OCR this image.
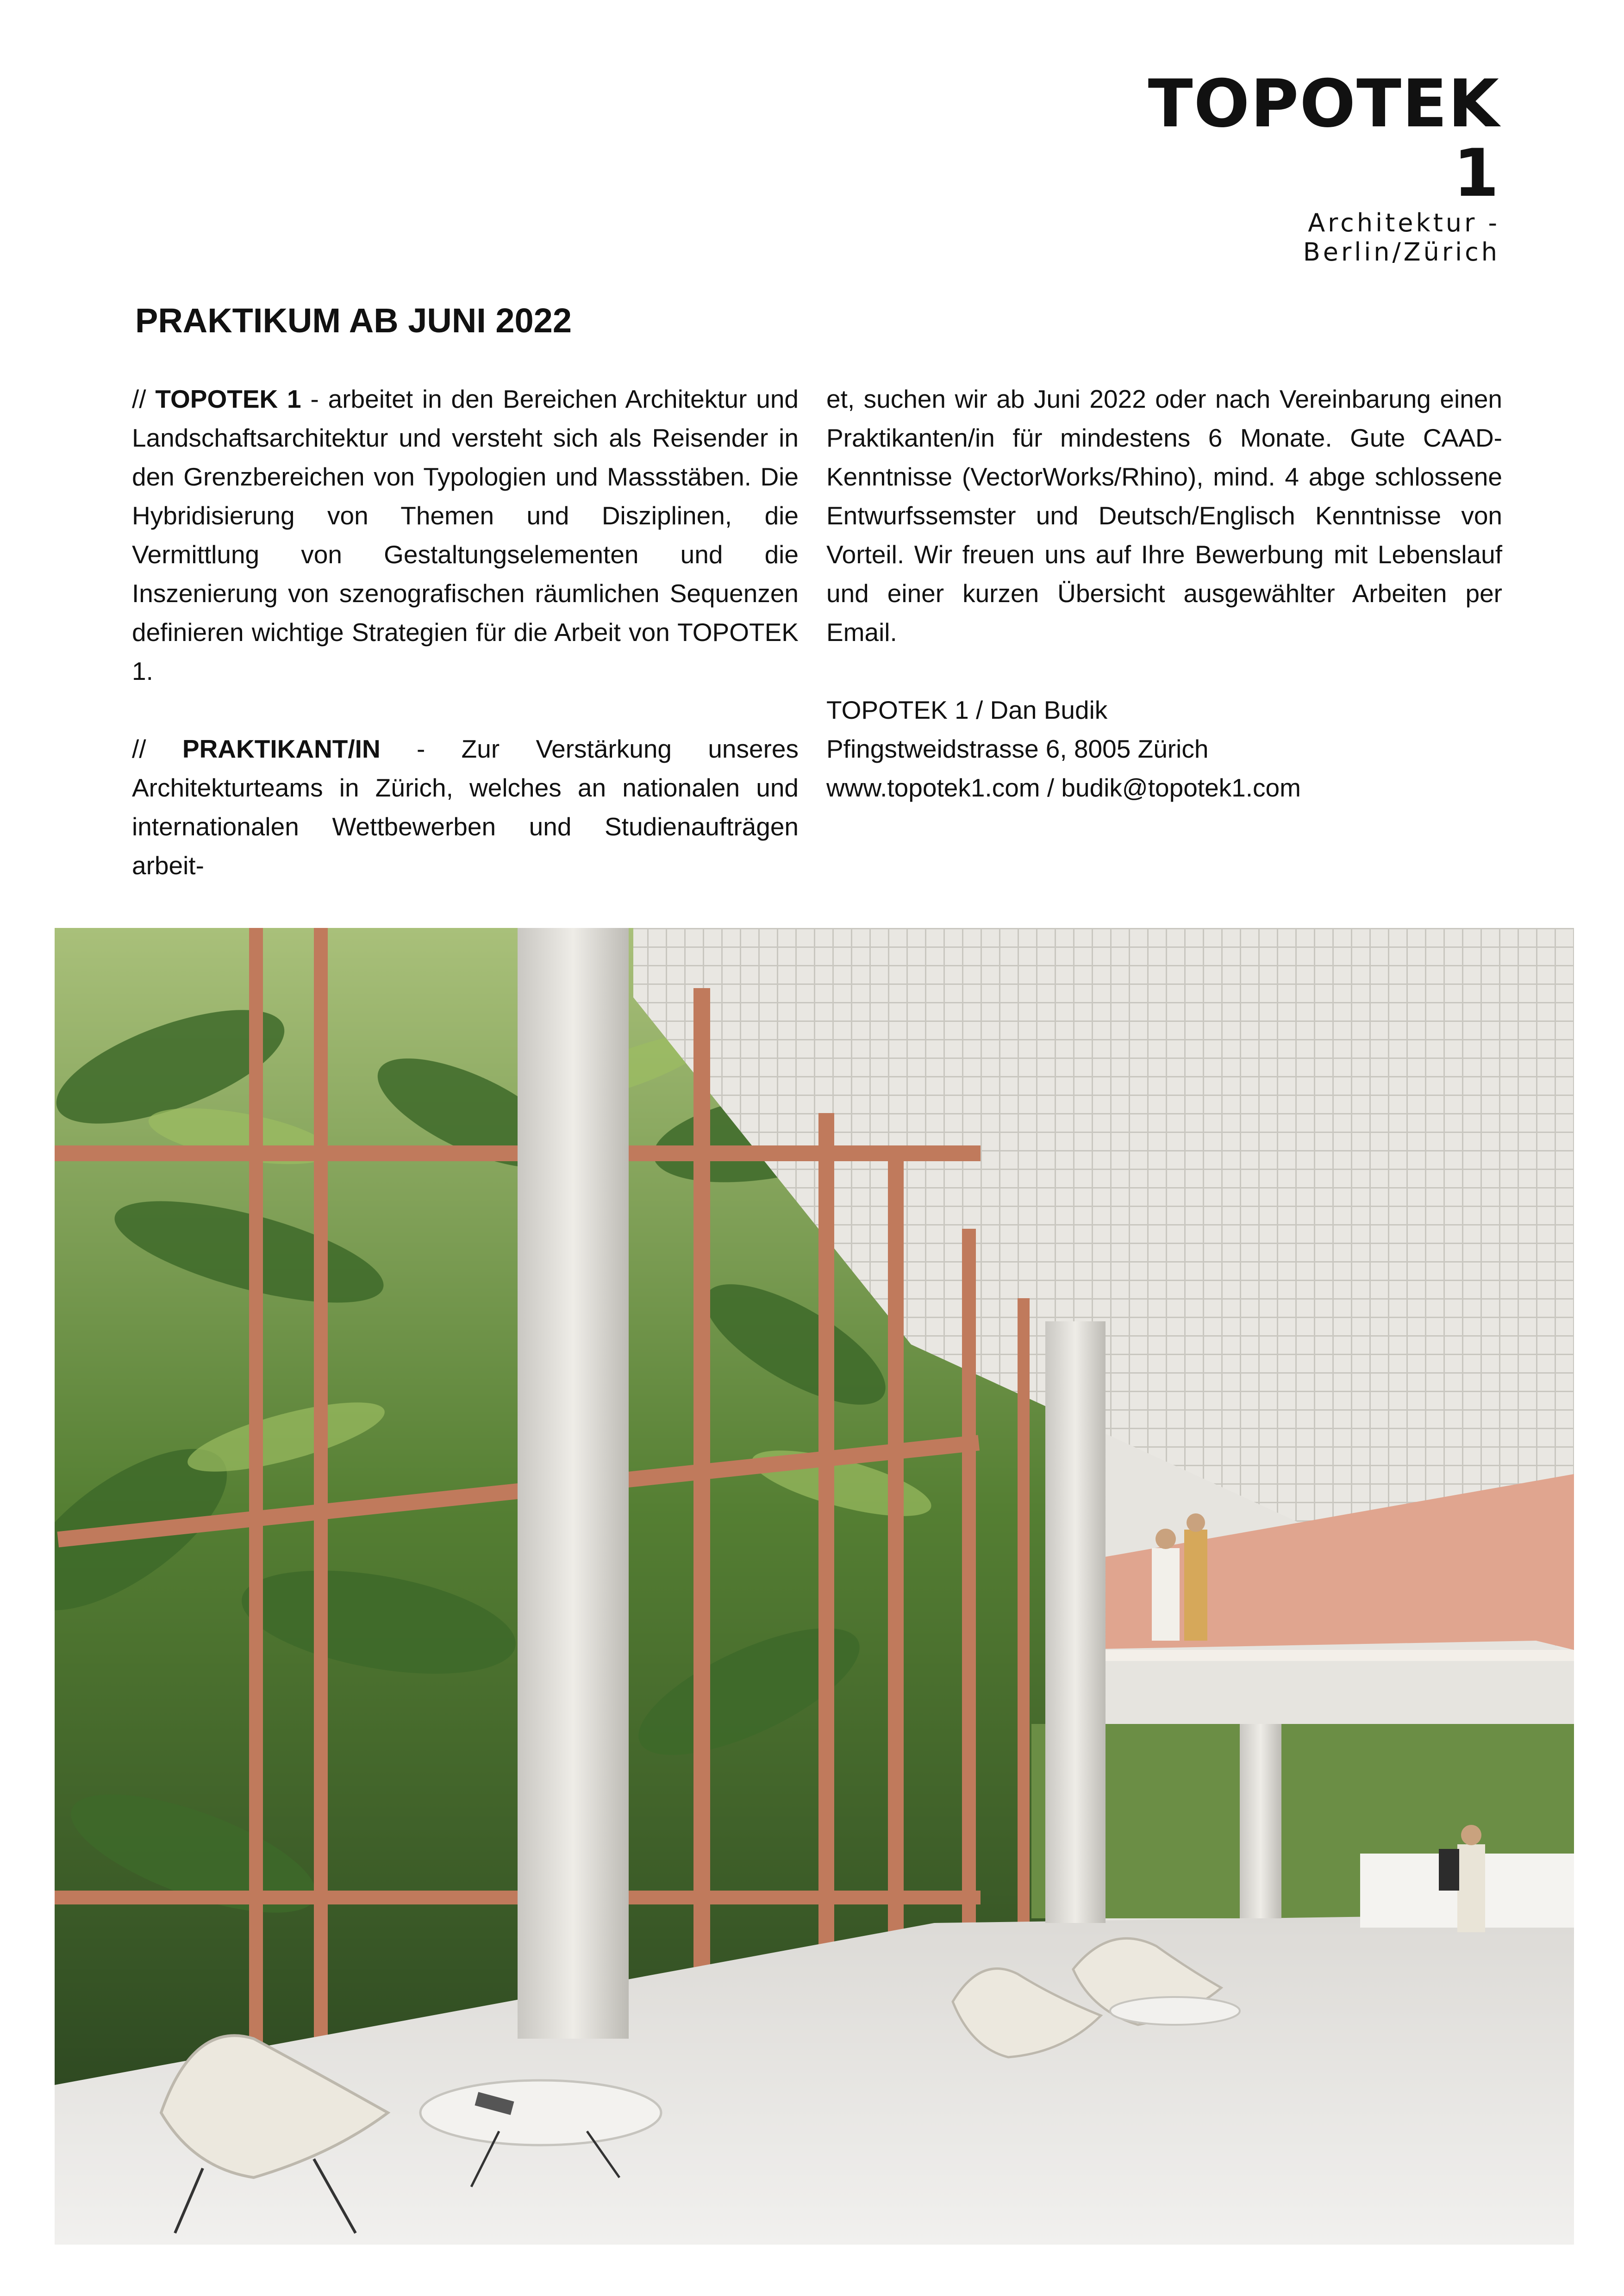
TOPOTEK 1
Architektur - Berlin/Zürich
PRAKTIKUM AB JUNI 2022

// TOPOTEK 1 - arbeitet in den Bereichen Architektur und Landschaftsarchitektur und versteht sich als Reisender in den Grenzbereichen von Typologien und Massstäben. Die Hybridisierung von Themen und Disziplinen, die Vermittlung von Gestaltungselementen und die Inszenierung von szenografischen räumlichen Sequenzen definieren wichtige Strategien für die Arbeit von TOPOTEK 1.

// PRAKTIKANT/IN - Zur Verstärkung unseres Architekturteams in Zürich, welches an nationalen und internationalen Wettbewerben und Studienaufträgen arbeit-

et, suchen wir ab Juni 2022 oder nach Vereinbarung einen Praktikanten/in für mindestens 6 Monate. Gute CAAD-Kenntnisse (VectorWorks/Rhino), mind. 4 abge schlossene Entwurfssemster und Deutsch/Englisch Kenntnisse von Vorteil. Wir freuen uns auf Ihre Bewerbung mit Lebenslauf und einer kurzen Übersicht ausgewählter Arbeiten per Email.

TOPOTEK 1 / Dan Budik
Pfingstweidstrasse 6, 8005 Zürich
www.topotek1.com / budik@topotek1.com
